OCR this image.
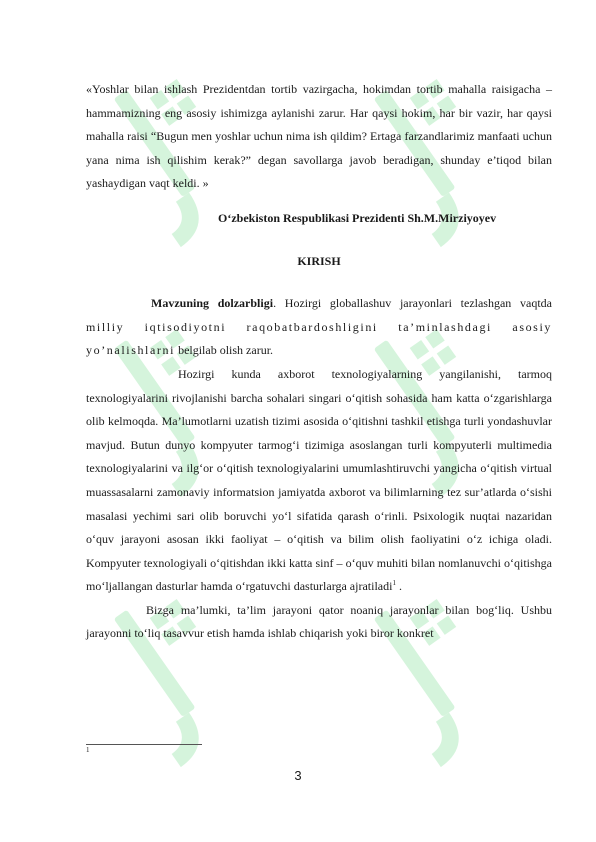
«Yoshlar bilan ishlash Prezidentdan tortib vazirgacha, hokimdan tortib mahalla raisigacha – hammamizning eng asosiy ishimizga aylanishi zarur. Har qaysi hokim, har bir vazir, har qaysi mahalla raisi “Bugun men yoshlar uchun nima ish qildim? Ertaga farzandlarimiz manfaati uchun yana nima ish qilishim kerak?” degan savollarga javob beradigan, shunday e’tiqod bilan yashaydigan vaqt keldi. »

O‘zbekiston Respublikasi Prezidenti Sh.M.Mirziyoyev

KIRISH

Mavzuning dolzarbligi. Hozirgi globallashuv jarayonlari tezlashgan vaqtda milliy iqtisodiyotni raqobatbardoshligini ta’minlashdagi asosiy yo’nalishlarni belgilab olish zarur.

Hozirgi kunda axborot texnologiyalarning yangilanishi, tarmoq texnologiyalarini rivojlanishi barcha sohalari singari o‘qitish sohasida ham katta o‘zgarishlarga olib kelmoqda. Ma’lumotlarni uzatish tizimi asosida o‘qitishni tashkil etishga turli yondashuvlar mavjud. Butun dunyo kompyuter tarmog‘i tizimiga asoslangan turli kompyuterli multimedia texnologiyalarini va ilg‘or o‘qitish texnologiyalarini umumlashtiruvchi yangicha o‘qitish virtual muassasalarni zamonaviy informatsion jamiyatda axborot va bilimlarning tez sur’atlarda o‘sishi masalasi yechimi sari olib boruvchi yo‘l sifatida qarash o‘rinli. Psixologik nuqtai nazaridan o‘quv jarayoni asosan ikki faoliyat – o‘qitish va bilim olish faoliyatini o‘z ichiga oladi. Kompyuter texnologiyali o‘qitishdan ikki katta sinf – o‘quv muhiti bilan nomlanuvchi o‘qitishga mo‘ljallangan dasturlar hamda o‘rgatuvchi dasturlarga ajratiladi$^1$ .

Bizga ma’lumki, ta’lim jarayoni qator noaniq jarayonlar bilan bog‘liq. Ushbu jarayonni to‘liq tasavvur etish hamda ishlab chiqarish yoki biror konkret

1
3
